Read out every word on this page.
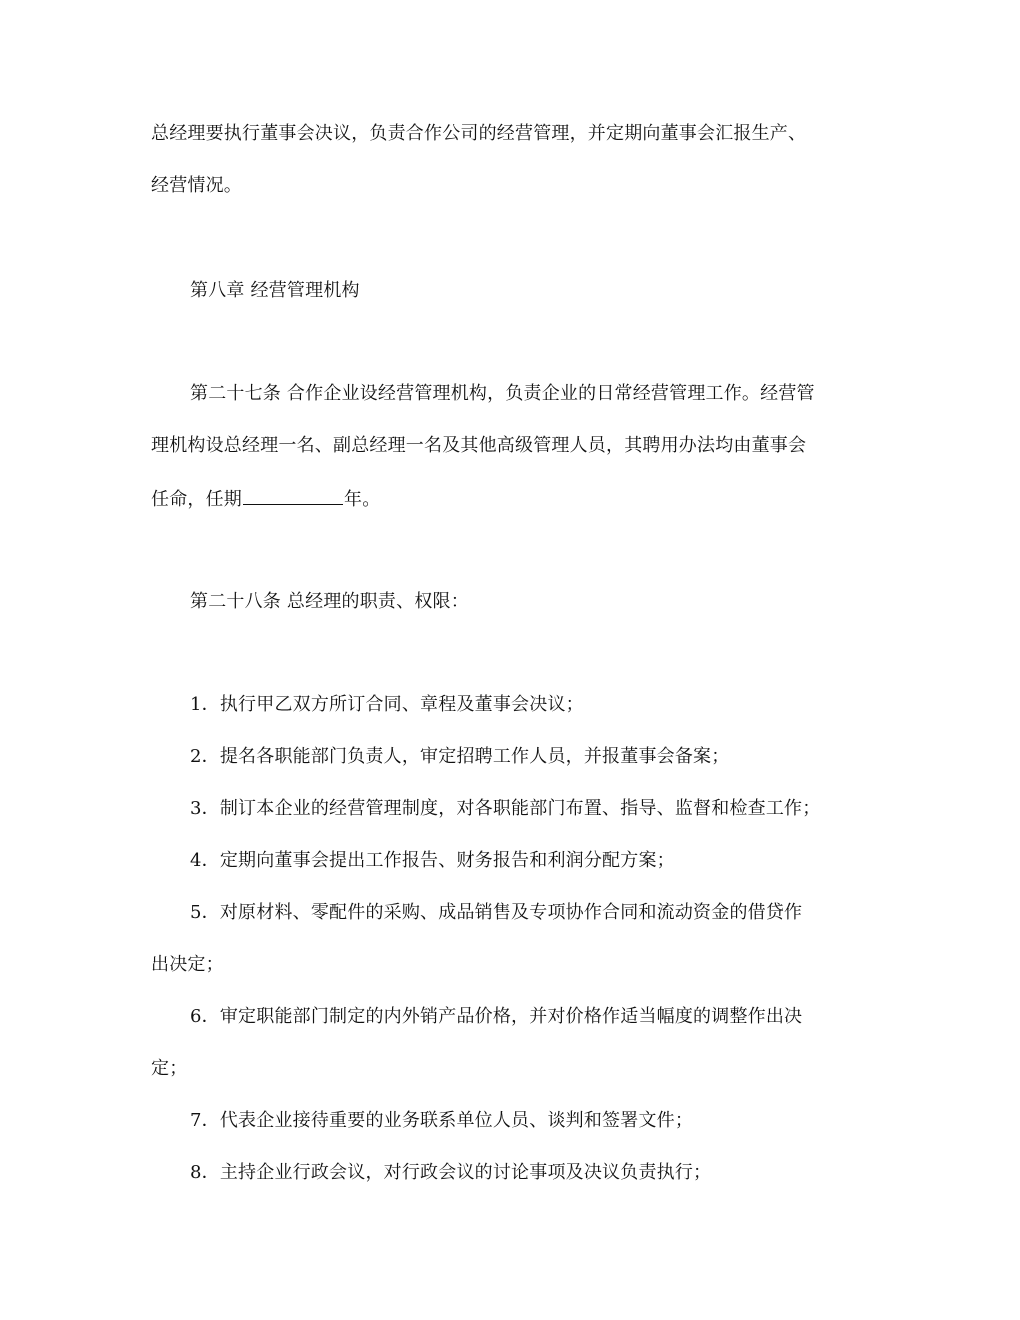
总经理要执行董事会决议，负责合作公司的经营管理，并定期向董事会汇报生产、
经营情况。
第八章 经营管理机构
第二十七条 合作企业设经营管理机构，负责企业的日常经营管理工作。经营管
理机构设总经理一名、副总经理一名及其他高级管理人员，其聘用办法均由董事会
任命，任期	年。
第二十八条 总经理的职责、权限：
1．执行甲乙双方所订合同、章程及董事会决议；
2．提名各职能部门负责人，审定招聘工作人员，并报董事会备案；
3．制订本企业的经营管理制度，对各职能部门布置、指导、监督和检查工作；
4．定期向董事会提出工作报告、财务报告和利润分配方案；
5．对原材料、零配件的采购、成品销售及专项协作合同和流动资金的借贷作
出决定；
6．审定职能部门制定的内外销产品价格，并对价格作适当幅度的调整作出决
定；
7．代表企业接待重要的业务联系单位人员、谈判和签署文件；
8．主持企业行政会议，对行政会议的讨论事项及决议负责执行；
